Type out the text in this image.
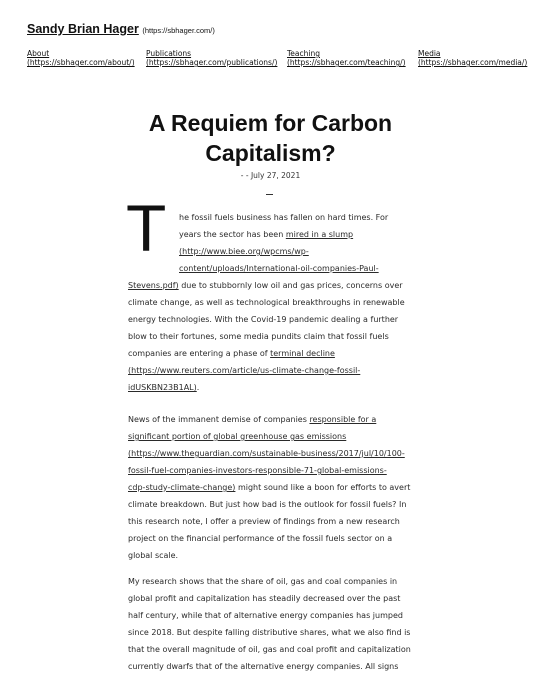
Sandy Brian Hager (https://sbhager.com/)
About
(https://sbhager.com/about/)
Publications
(https://sbhager.com/publications/)
Teaching
(https://sbhager.com/teaching/)
Media
(https://sbhager.com/media/)
A Requiem for Carbon
Capitalism?
- - July 27, 2021
T	he fossil fuels business has fallen on hard times. For
years the sector has been mired in a slump
(http://www.biee.org/wpcms/wp-
content/uploads/International-oil-companies-Paul-
Stevens.pdf) due to stubbornly low oil and gas prices, concerns over
climate change, as well as technological breakthroughs in renewable
energy technologies. With the Covid-19 pandemic dealing a further
blow to their fortunes, some media pundits claim that fossil fuels
companies are entering a phase of terminal decline
(https://www.reuters.com/article/us-climate-change-fossil-
idUSKBN23B1AL).

News of the immanent demise of companies responsible for a
significant portion of global greenhouse gas emissions
(https://www.theguardian.com/sustainable-business/2017/jul/10/100-
fossil-fuel-companies-investors-responsible-71-global-emissions-
cdp-study-climate-change) might sound like a boon for efforts to avert
climate breakdown. But just how bad is the outlook for fossil fuels? In
this research note, I offer a preview of findings from a new research
project on the financial performance of the fossil fuels sector on a
global scale.

My research shows that the share of oil, gas and coal companies in
global profit and capitalization has steadily decreased over the past
half century, while that of alternative energy companies has jumped
since 2018. But despite falling distributive shares, what we also find is
that the overall magnitude of oil, gas and coal profit and capitalization
currently dwarfs that of the alternative energy companies. All signs
